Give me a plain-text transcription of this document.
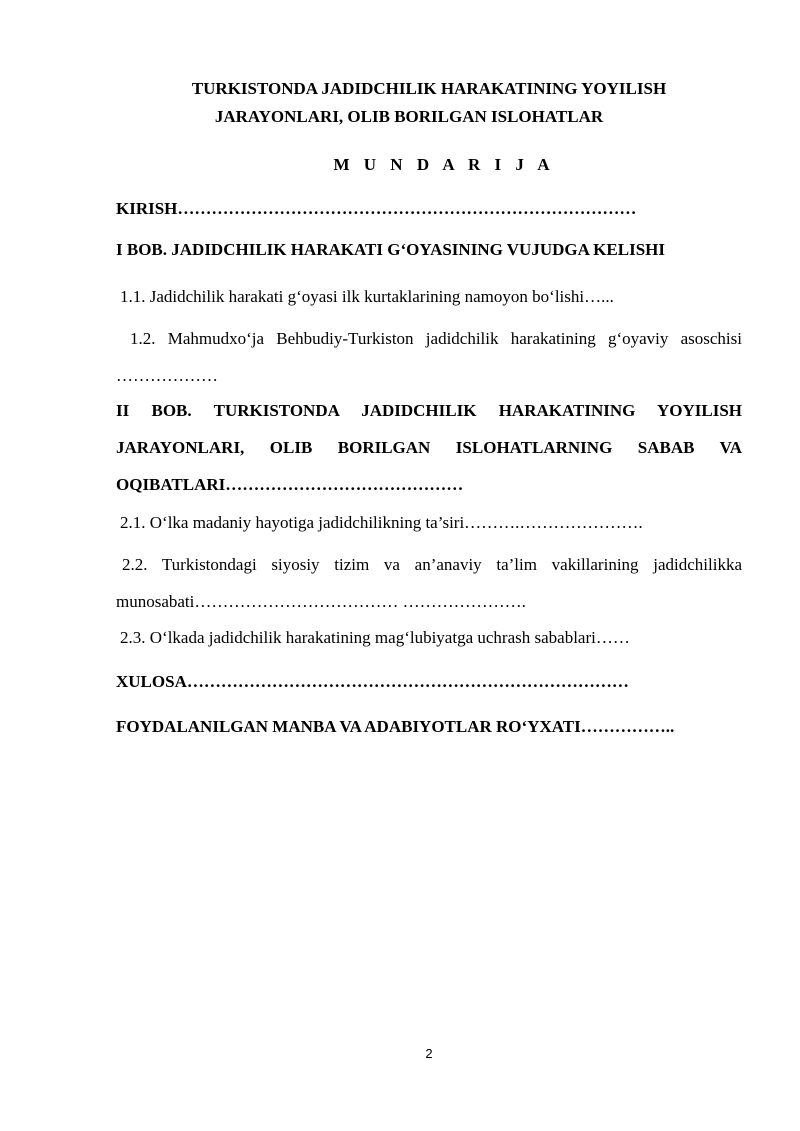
TURKISTONDA JADIDCHILIK HARAKATINING YOYILISH
JARAYONLARI, OLIB BORILGAN ISLOHATLAR
M U N D A R I J A

KIRISH………………………………………………………………………

I BOB. JADIDCHILIK HARAKATI G‘OYASINING VUJUDGA KELISHI

1.1. Jadidchilik harakati g‘oyasi ilk kurtaklarining namoyon bo‘lishi…...

1.2. Mahmudxo‘ja Behbudiy-Turkiston jadidchilik harakatining g‘oyaviy asoschisi ………………

II BOB. TURKISTONDA JADIDCHILIK HARAKATINING YOYILISH JARAYONLARI, OLIB BORILGAN ISLOHATLARNING SABAB VA OQIBATLARI……………………………………

2.1. O‘lka madaniy hayotiga jadidchilikning ta’siri……….………………….

2.2. Turkistondagi siyosiy tizim va an’anaviy ta’lim vakillarining jadidchilikka munosabati……………………………… ………………….

2.3. O‘lkada jadidchilik harakatining mag‘lubiyatga uchrash sabablari……

XULOSA……………………………………………………………………

FOYDALANILGAN MANBA VA ADABIYOTLAR RO‘YXATI……………..

2
